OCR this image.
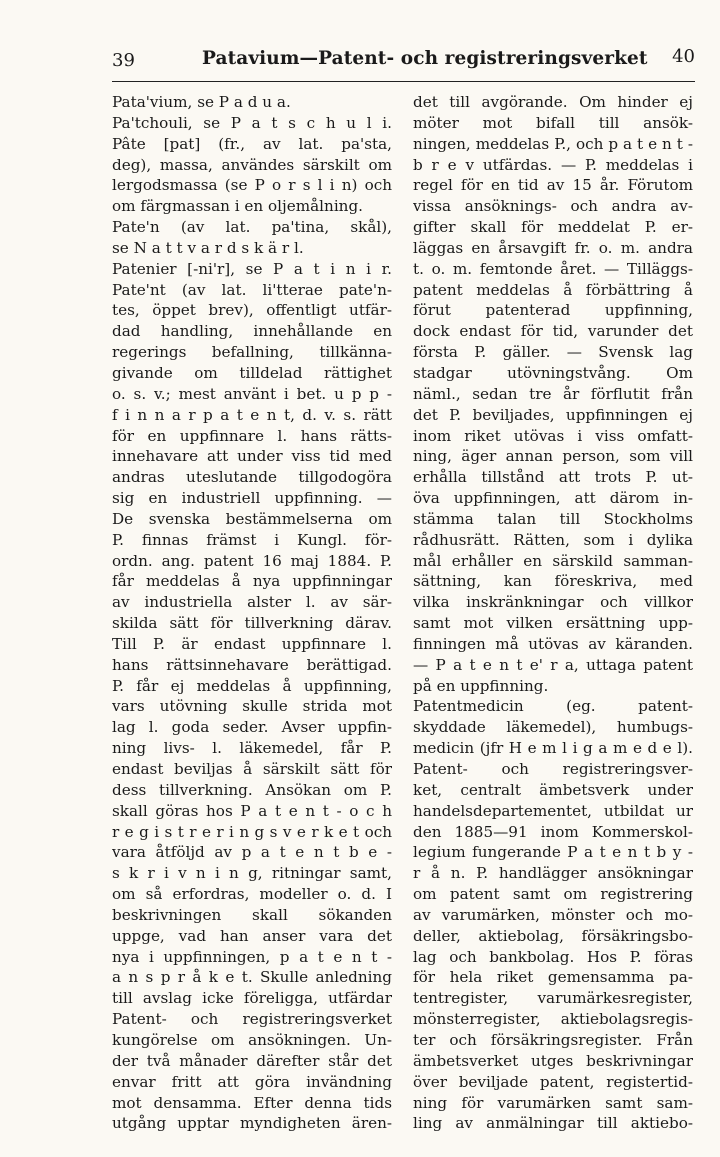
39	Patavium—Patent- och registreringsverket 40
Pata'vium, se P a d u a.
Pa'tchouli, se P a t s c h u l i.
Pâte [pat] (fr., av lat. pa'sta,
deg), massa, användes särskilt om
lergodsmassa (se P o r s l i n) och
om färgmassan i en oljemålning.
Pate'n (av lat. pa'tina, skål),
se N a t t v a r d s k ä r l.
Patenier [-ni'r], se P a t i n i r.
Pate'nt (av lat. li'tterae pate'n-
tes, öppet brev), offentligt utfär-
dad handling, innehållande en
regerings befallning, tillkänna-
givande om tilldelad rättighet
o. s. v.; mest använt i bet. u p p -
f i n n a r p a t e n t, d. v. s. rätt
för en uppfinnare l. hans rätts-
innehavare att under viss tid med
andras uteslutande tillgodogöra
sig en industriell uppfinning. —
De svenska bestämmelserna om
P. finnas främst i Kungl. för-
ordn. ang. patent 16 maj 1884. P.
får meddelas å nya uppfinningar
av industriella alster l. av sär-
skilda sätt för tillverkning därav.
Till P. är endast uppfinnare l.
hans rättsinnehavare berättigad.
P. får ej meddelas å uppfinning,
vars utövning skulle strida mot
lag l. goda seder. Avser uppfin-
ning livs- l. läkemedel, får P.
endast beviljas å särskilt sätt för
dess tillverkning. Ansökan om P.
skall göras hos P a t e n t - o c h
r e g i s t r e r i n g s v e r k e t och
vara åtföljd av p a t e n t b e -
s k r i v n i n g, ritningar samt,
om så erfordras, modeller o. d. I
beskrivningen skall sökanden
uppge, vad han anser vara det
nya i uppfinningen, p a t e n t -
a n s p r å k e t. Skulle anledning
till avslag icke föreligga, utfärdar
Patent- och registreringsverket
kungörelse om ansökningen. Un-
der två månader därefter står det
envar fritt att göra invändning
mot densamma. Efter denna tids
utgång upptar myndigheten ären-
det till avgörande. Om hinder ej
möter mot bifall till ansök-
ningen, meddelas P., och p a t e n t -
b r e v utfärdas. — P. meddelas i
regel för en tid av 15 år. Förutom
vissa ansöknings- och andra av-
gifter skall för meddelat P. er-
läggas en årsavgift fr. o. m. andra
t. o. m. femtonde året. — Tilläggs-
patent meddelas å förbättring å
förut patenterad uppfinning,
dock endast för tid, varunder det
första P. gäller. — Svensk lag
stadgar utövningstvång. Om
näml., sedan tre år förflutit från
det P. beviljades, uppfinningen ej
inom riket utövas i viss omfatt-
ning, äger annan person, som vill
erhålla tillstånd att trots P. ut-
öva uppfinningen, att därom in-
stämma talan till Stockholms
rådhusrätt. Rätten, som i dylika
mål erhåller en särskild samman-
sättning, kan föreskriva, med
vilka inskränkningar och villkor
samt mot vilken ersättning upp-
finningen må utövas av käranden.
— P a t e n t e' r a, uttaga patent
på en uppfinning.
Patentmedicin (eg. patent-
skyddade läkemedel), humbugs-
medicin (jfr H e m l i g a m e d e l).
Patent- och registreringsver-
ket, centralt ämbetsverk under
handelsdepartementet, utbildat ur
den 1885—91 inom Kommerskol-
legium fungerande P a t e n t b y -
r å n. P. handlägger ansökningar
om patent samt om registrering
av varumärken, mönster och mo-
deller, aktiebolag, försäkringsbo-
lag och bankbolag. Hos P. föras
för hela riket gemensamma pa-
tentregister, varumärkesregister,
mönsterregister, aktiebolagsregis-
ter och försäkringsregister. Från
ämbetsverket utges beskrivningar
över beviljade patent, registertid-
ning för varumärken samt sam-
ling av anmälningar till aktiebo-
